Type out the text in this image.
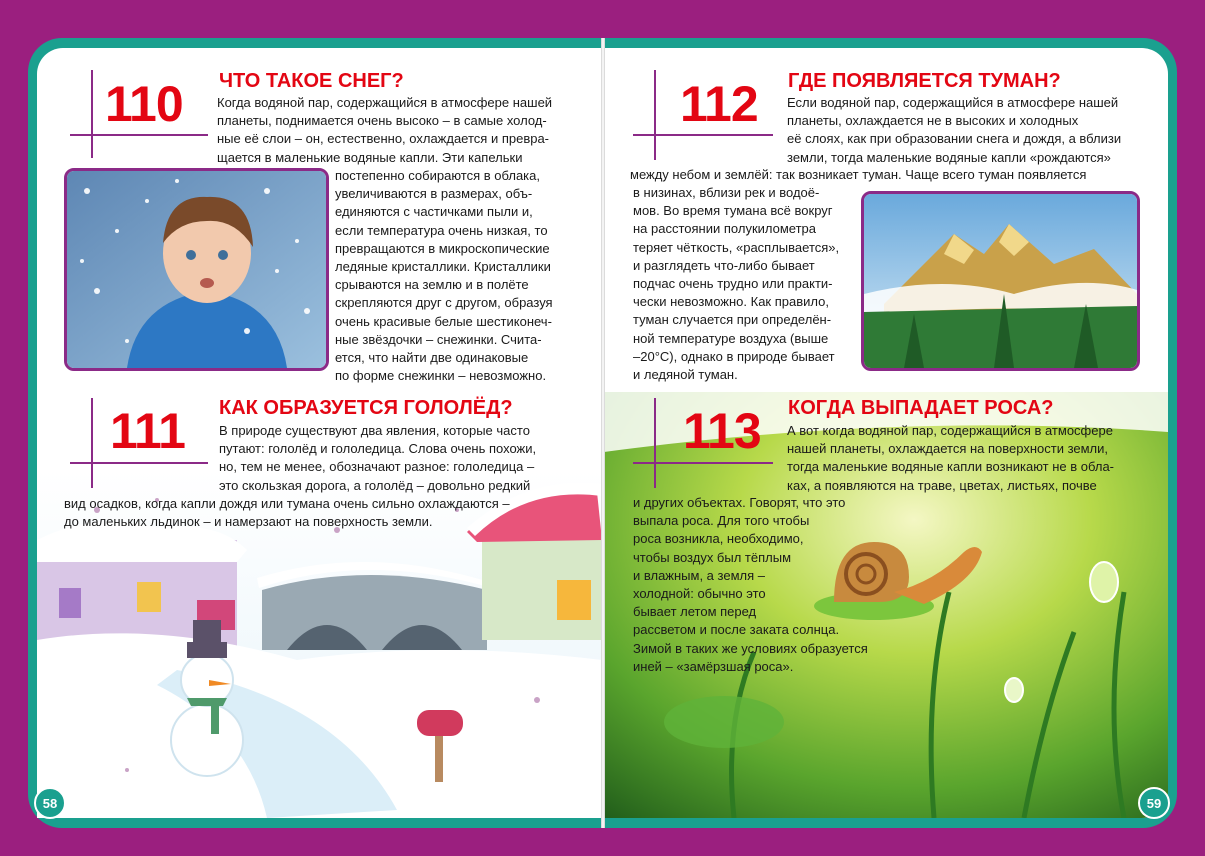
110 ЧТО ТАКОЕ СНЕГ?
Когда водяной пар, содержащийся в атмосфере нашей
планеты, поднимается очень высоко – в самые холод-
ные её слои – он, естественно, охлаждается и превра-
щается в маленькие водяные капли. Эти капельки
постепенно собираются в облака,
увеличиваются в размерах, объ-
единяются с частичками пыли и,
если температура очень низкая, то
превращаются в микроскопические
ледяные кристаллики. Кристаллики
срываются на землю и в полёте
скрепляются друг с другом, образуя
очень красивые белые шестиконеч-
ные звёздочки – снежинки. Счита-
ется, что найти две одинаковые
по форме снежинки – невозможно.
111 КАК ОБРАЗУЕТСЯ ГОЛОЛЁД?
В природе существуют два явления, которые часто
путают: гололёд и гололедица. Слова очень похожи,
но, тем не менее, обозначают разное: гололедица –
это скользкая дорога, а гололёд – довольно редкий
вид осадков, когда капли дождя или тумана очень сильно охлаждаются –
до маленьких льдинок – и намерзают на поверхность земли.
58
112 ГДЕ ПОЯВЛЯЕТСЯ ТУМАН?
Если водяной пар, содержащийся в атмосфере нашей
планеты, охлаждается не в высоких и холодных
её слоях, как при образовании снега и дождя, а вблизи
земли, тогда маленькие водяные капли «рождаются»
между небом и землёй: так возникает туман. Чаще всего туман появляется
в низинах, вблизи рек и водоё-
мов. Во время тумана всё вокруг
на расстоянии полукилометра
теряет чёткость, «расплывается»,
и разглядеть что-либо бывает
подчас очень трудно или практи-
чески невозможно. Как правило,
туман случается при определён-
ной температуре воздуха (выше
–20°C), однако в природе бывает
и ледяной туман.
113 КОГДА ВЫПАДАЕТ РОСА?
А вот когда водяной пар, содержащийся в атмосфере
нашей планеты, охлаждается на поверхности земли,
тогда маленькие водяные капли возникают не в обла-
ках, а появляются на траве, цветах, листьях, почве
и других объектах. Говорят, что это
выпала роса. Для того чтобы
роса возникла, необходимо,
чтобы воздух был тёплым
и влажным, а земля –
холодной: обычно это
бывает летом перед
рассветом и после заката солнца.
Зимой в таких же условиях образуется
иней – «замёрзшая роса».
59
